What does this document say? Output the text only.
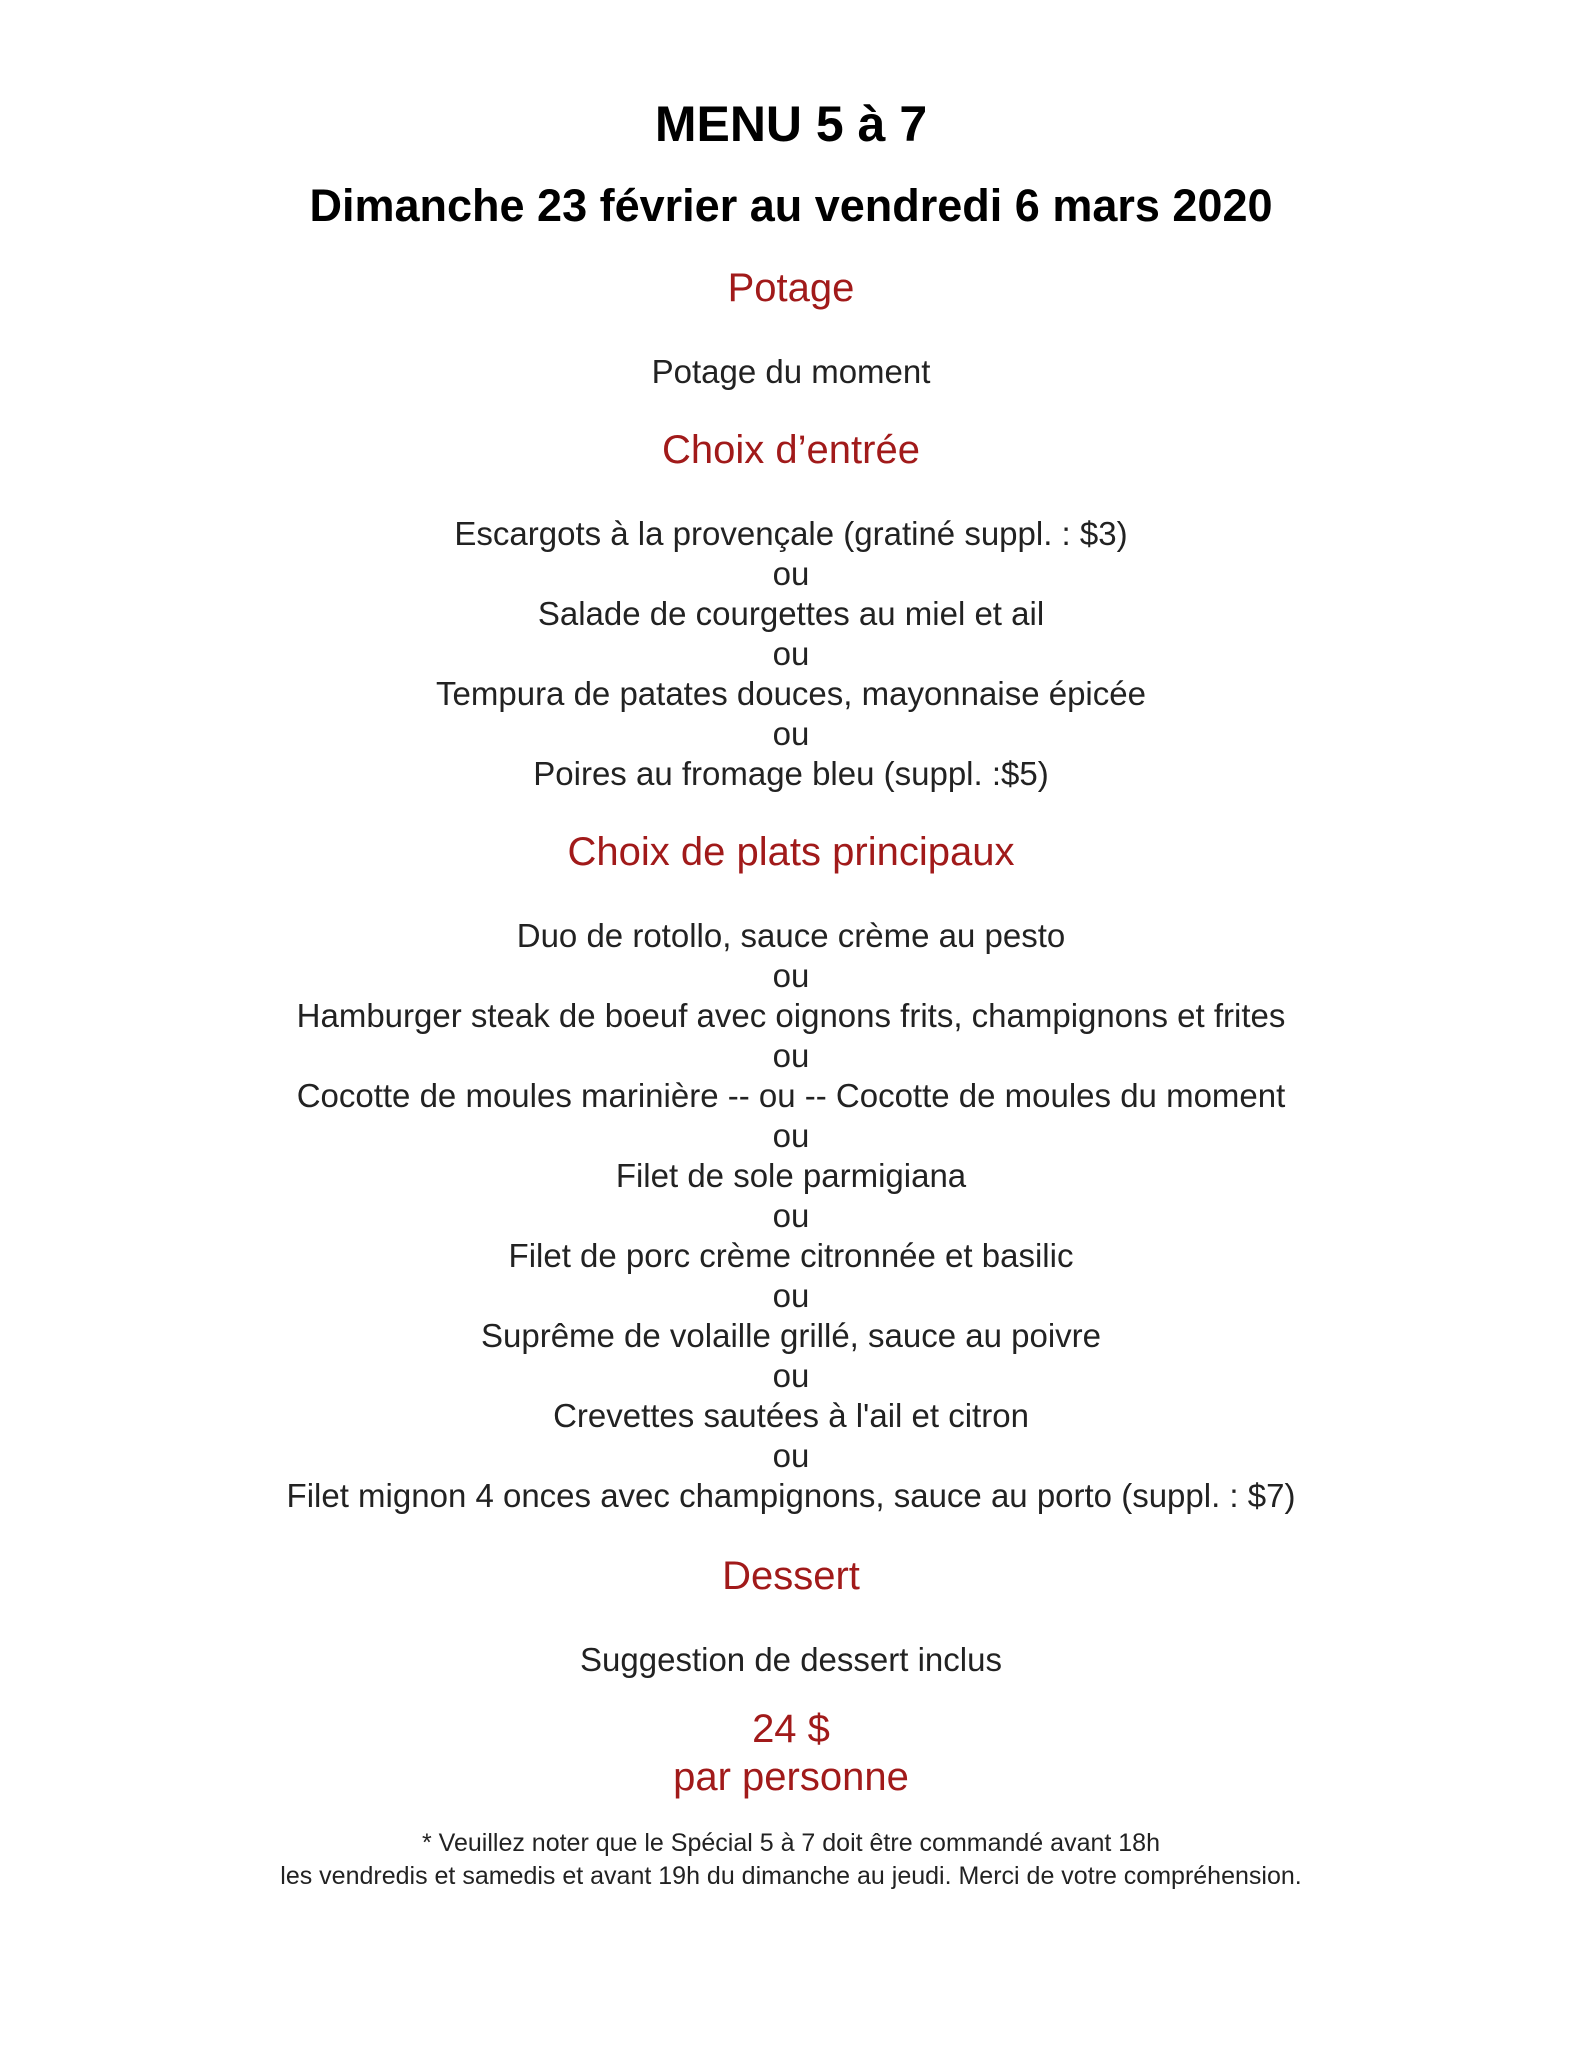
MENU 5 à 7
Dimanche 23 février au vendredi 6 mars 2020
Potage
Potage du moment
Choix d’entrée
Escargots à la provençale (gratiné suppl. : $3)
ou
Salade de courgettes au miel et ail
ou
Tempura de patates douces, mayonnaise épicée
ou
Poires au fromage bleu (suppl. :$5)
Choix de plats principaux
Duo de rotollo, sauce crème au pesto
ou
Hamburger steak de boeuf avec oignons frits, champignons et frites
ou
Cocotte de moules marinière -- ou -- Cocotte de moules du moment
ou
Filet de sole parmigiana
ou
Filet de porc crème citronnée et basilic
ou
Suprême de volaille grillé, sauce au poivre
ou
Crevettes sautées à l'ail et citron
ou
Filet mignon 4 onces avec champignons, sauce au porto (suppl. : $7)
Dessert
Suggestion de dessert inclus
24 $
par personne
* Veuillez noter que le Spécial 5 à 7 doit être commandé avant 18h
les vendredis et samedis et avant 19h du dimanche au jeudi. Merci de votre compréhension.
